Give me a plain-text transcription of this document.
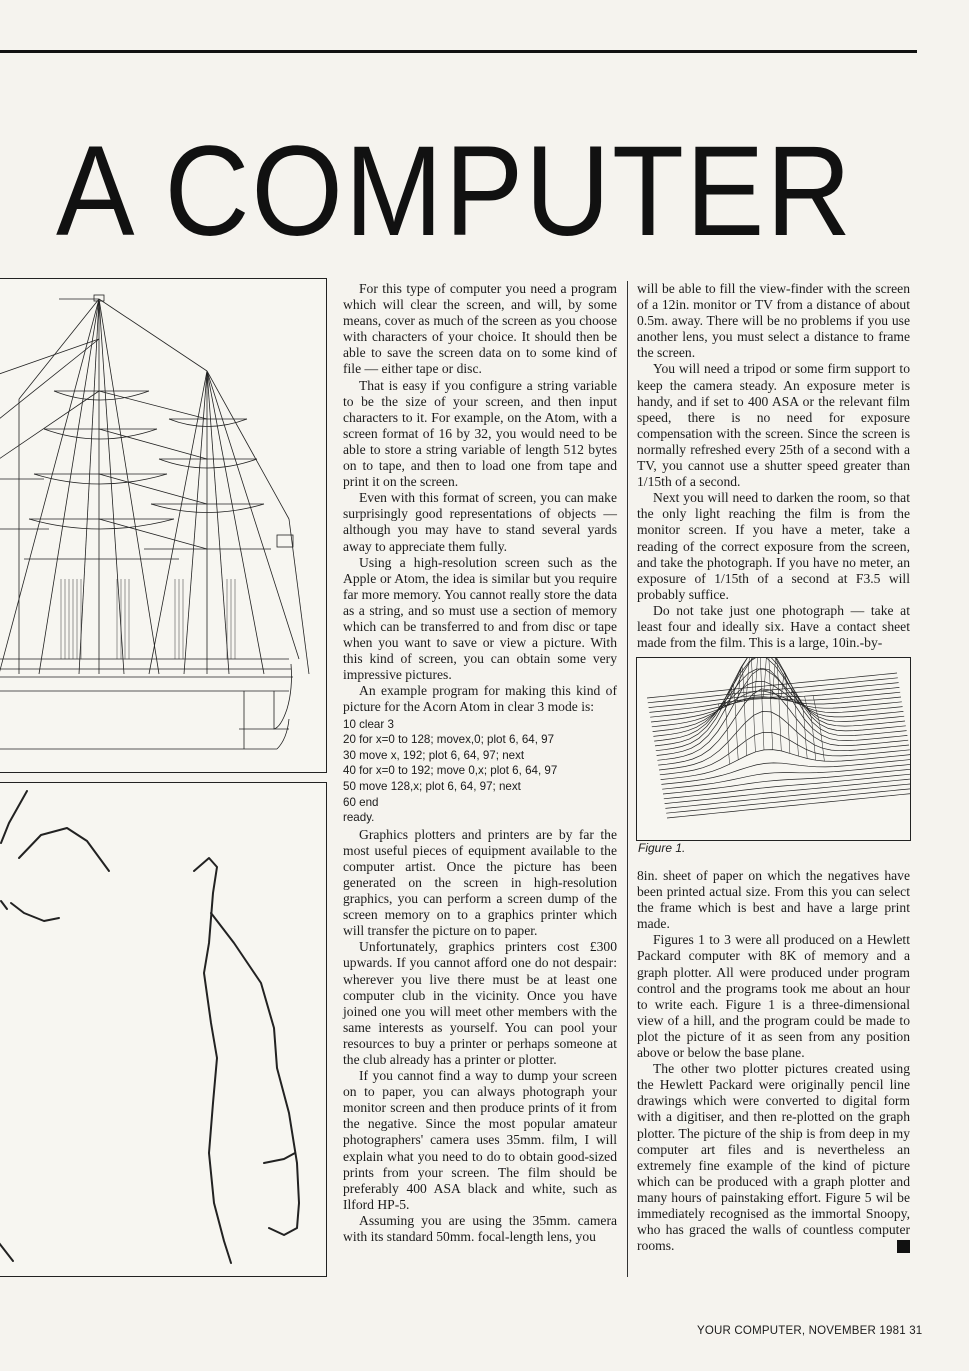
A COMPUTER

For this type of computer you need a program which will clear the screen, and will, by some means, cover as much of the screen as you choose with characters of your choice. It should then be able to save the screen data on to some kind of file — either tape or disc.

That is easy if you configure a string variable to be the size of your screen, and then input characters to it. For example, on the Atom, with a screen format of 16 by 32, you would need to be able to store a string variable of length 512 bytes on to tape, and then to load one from tape and print it on the screen.

Even with this format of screen, you can make surprisingly good representations of objects — although you may have to stand several yards away to appreciate them fully.

Using a high-resolution screen such as the Apple or Atom, the idea is similar but you require far more memory. You cannot really store the data as a string, and so must use a section of memory which can be transferred to and from disc or tape when you want to save or view a picture. With this kind of screen, you can obtain some very impressive pictures.

An example program for making this kind of picture for the Acorn Atom in clear 3 mode is:

10 clear 3
20 for x=0 to 128; movex,0; plot 6, 64, 97
30 move x, 192; plot 6, 64, 97; next
40 for x=0 to 192; move 0,x; plot 6, 64, 97
50 move 128,x; plot 6, 64, 97; next
60 end
ready.

Graphics plotters and printers are by far the most useful pieces of equipment available to the computer artist. Once the picture has been generated on the screen in high-resolution graphics, you can perform a screen dump of the screen memory on to a graphics printer which will transfer the picture on to paper.

Unfortunately, graphics printers cost £300 upwards. If you cannot afford one do not despair: wherever you live there must be at least one computer club in the vicinity. Once you have joined one you will meet other members with the same interests as yourself. You can pool your resources to buy a printer or perhaps someone at the club already has a printer or plotter.

If you cannot find a way to dump your screen on to paper, you can always photograph your monitor screen and then produce prints of it from the negative. Since the most popular amateur photographers' camera uses 35mm. film, I will explain what you need to do to obtain good-sized prints from your screen. The film should be preferably 400 ASA black and white, such as Ilford HP-5.

Assuming you are using the 35mm. camera with its standard 50mm. focal-length lens, you

will be able to fill the view-finder with the screen of a 12in. monitor or TV from a distance of about 0.5m. away. There will be no problems if you use another lens, you must select a distance to frame the screen.

You will need a tripod or some firm support to keep the camera steady. An exposure meter is handy, and if set to 400 ASA or the relevant film speed, there is no need for exposure compensation with the screen. Since the screen is normally refreshed every 25th of a second with a TV, you cannot use a shutter speed greater than 1/15th of a second.

Next you will need to darken the room, so that the only light reaching the film is from the monitor screen. If you have a meter, take a reading of the correct exposure from the screen, and take the photograph. If you have no meter, an exposure of 1/15th of a second at F3.5 will probably suffice.

Do not take just one photograph — take at least four and ideally six. Have a contact sheet made from the film. This is a large, 10in.-by-

Figure 1.

8in. sheet of paper on which the negatives have been printed actual size. From this you can select the frame which is best and have a large print made.

Figures 1 to 3 were all produced on a Hewlett Packard computer with 8K of memory and a graph plotter. All were produced under program control and the programs took me about an hour to write each. Figure 1 is a three-dimensional view of a hill, and the program could be made to plot the picture of it as seen from any position above or below the base plane.

The other two plotter pictures created using the Hewlett Packard were originally pencil line drawings which were converted to digital form with a digitiser, and then re-plotted on the graph plotter. The picture of the ship is from deep in my computer art files and is nevertheless an extremely fine example of the kind of picture which can be produced with a graph plotter and many hours of painstaking effort. Figure 5 wil be immediately recognised as the immortal Snoopy, who has graced the walls of countless computer rooms.

YOUR COMPUTER, NOVEMBER 1981 31
